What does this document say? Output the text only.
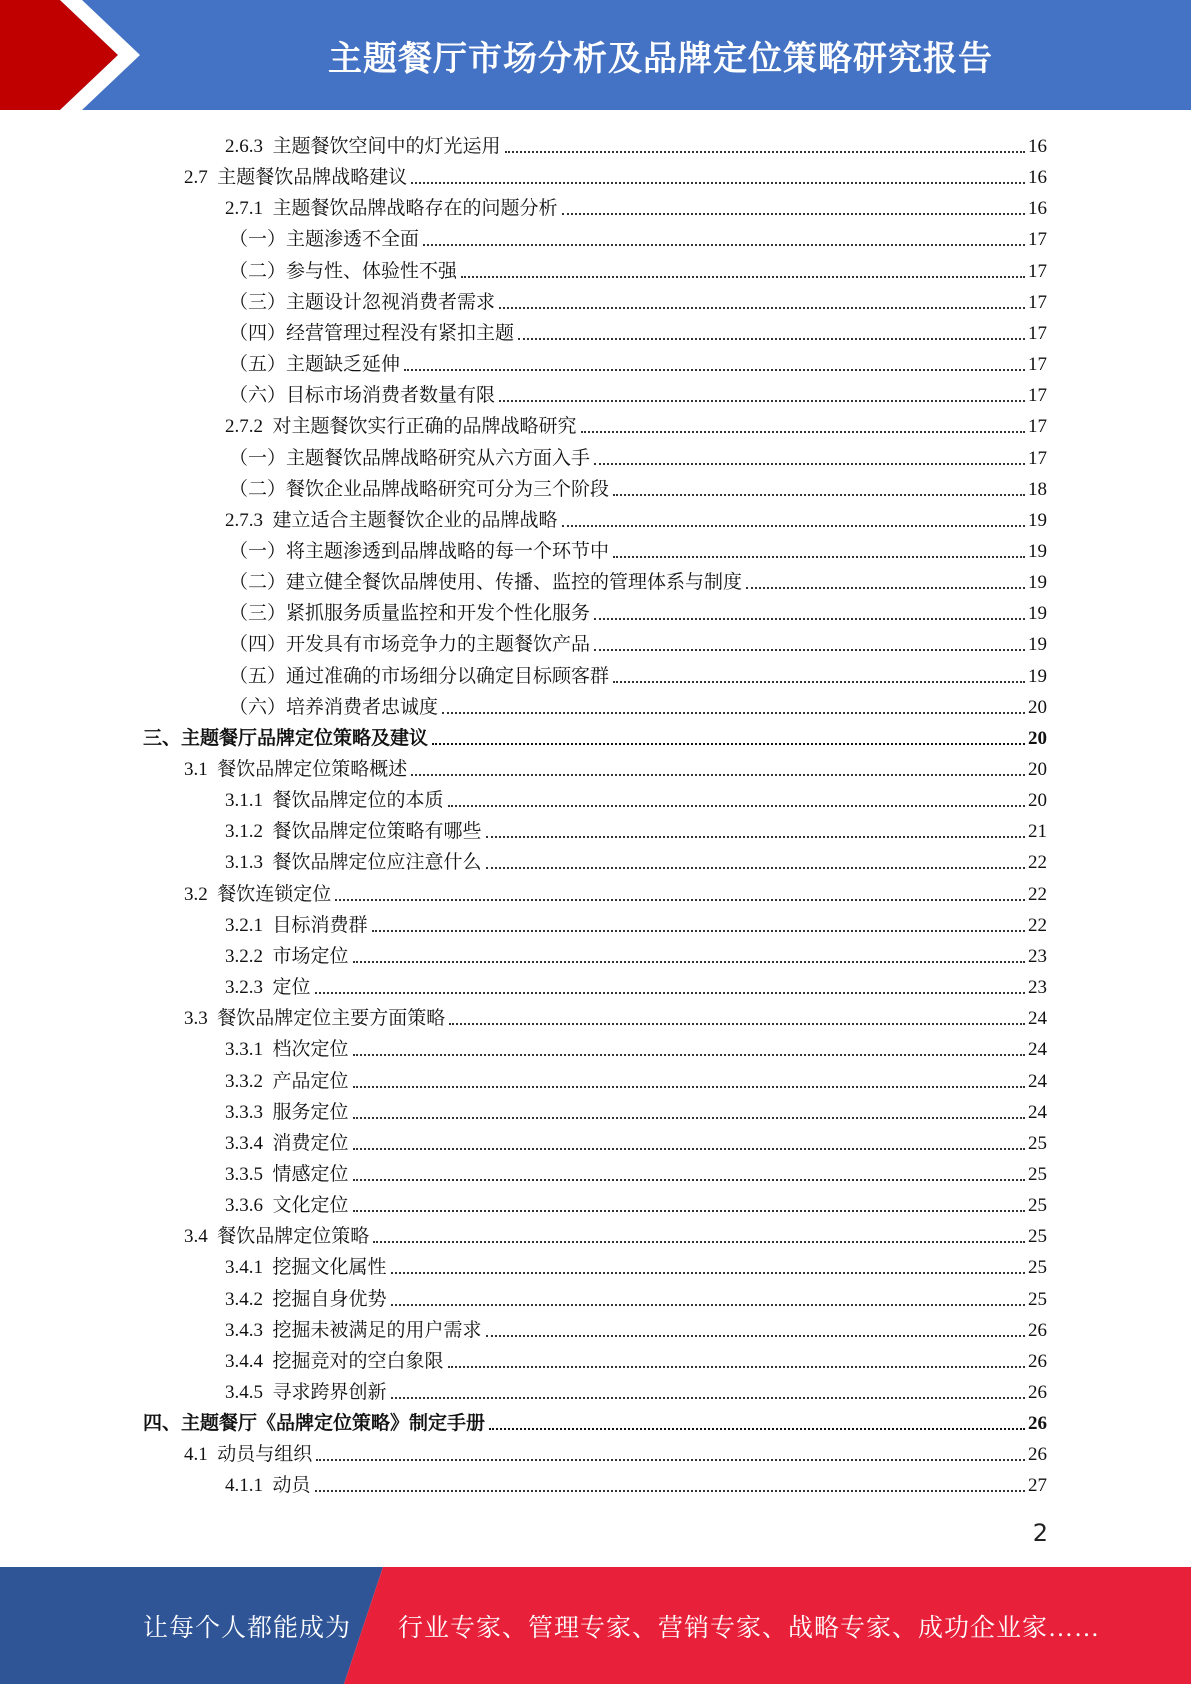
主题餐厅市场分析及品牌定位策略研究报告
2.6.3 主题餐饮空间中的灯光运用	16
2.7 主题餐饮品牌战略建议	16
2.7.1 主题餐饮品牌战略存在的问题分析	16
（一）主题渗透不全面	17
（二）参与性、体验性不强	17
（三）主题设计忽视消费者需求	17
（四）经营管理过程没有紧扣主题	17
（五）主题缺乏延伸	17
（六）目标市场消费者数量有限	17
2.7.2 对主题餐饮实行正确的品牌战略研究	17
（一）主题餐饮品牌战略研究从六方面入手	17
（二）餐饮企业品牌战略研究可分为三个阶段	18
2.7.3 建立适合主题餐饮企业的品牌战略	19
（一）将主题渗透到品牌战略的每一个环节中	19
（二）建立健全餐饮品牌使用、传播、监控的管理体系与制度	19
（三）紧抓服务质量监控和开发个性化服务	19
（四）开发具有市场竞争力的主题餐饮产品	19
（五）通过准确的市场细分以确定目标顾客群	19
（六）培养消费者忠诚度	20
三、主题餐厅品牌定位策略及建议	20
3.1 餐饮品牌定位策略概述	20
3.1.1 餐饮品牌定位的本质	20
3.1.2 餐饮品牌定位策略有哪些	21
3.1.3 餐饮品牌定位应注意什么	22
3.2 餐饮连锁定位	22
3.2.1 目标消费群	22
3.2.2 市场定位	23
3.2.3 定位	23
3.3 餐饮品牌定位主要方面策略	24
3.3.1 档次定位	24
3.3.2 产品定位	24
3.3.3 服务定位	24
3.3.4 消费定位	25
3.3.5 情感定位	25
3.3.6 文化定位	25
3.4 餐饮品牌定位策略	25
3.4.1 挖掘文化属性	25
3.4.2 挖掘自身优势	25
3.4.3 挖掘未被满足的用户需求	26
3.4.4 挖掘竞对的空白象限	26
3.4.5 寻求跨界创新	26
四、主题餐厅《品牌定位策略》制定手册	26
4.1 动员与组织	26
4.1.1 动员	27
2
让每个人都能成为 行业专家、管理专家、营销专家、战略专家、成功企业家……
